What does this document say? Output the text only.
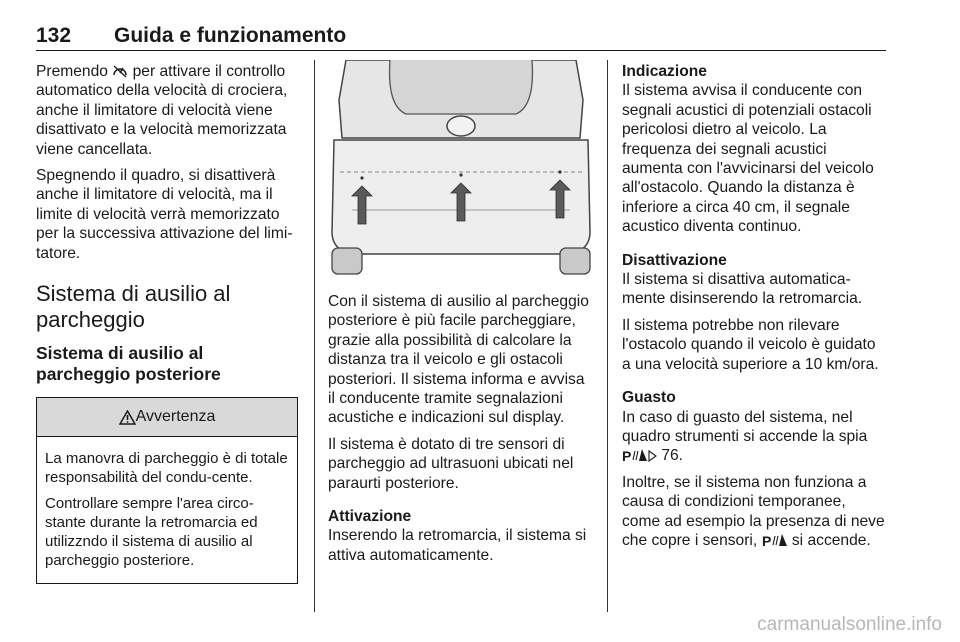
132 Guida e funzionamento

Premendo  per attivare il controllo automatico della velocità di crociera, anche il limitatore di velocità viene disattivato e la velocità memorizzata viene cancellata.

Spegnendo il quadro, si disattiverà anche il limitatore di velocità, ma il limite di velocità verrà memorizzato per la successiva attivazione del limi-tatore.

Sistema di ausilio al parcheggio
Sistema di ausilio al parcheggio posteriore
Avvertenza

La manovra di parcheggio è di totale responsabilità del condu-cente.

Controllare sempre l'area circo-stante durante la retromarcia ed utilizzndo il sistema di ausilio al parcheggio posteriore.

Con il sistema di ausilio al parcheggio posteriore è più facile parcheggiare, grazie alla possibilità di calcolare la distanza tra il veicolo e gli ostacoli posteriori. Il sistema informa e avvisa il conducente tramite segnalazioni acustiche e indicazioni sul display.

Il sistema è dotato di tre sensori di parcheggio ad ultrasuoni ubicati nel paraurti posteriore.

Attivazione
Inserendo la retromarcia, il sistema si attiva automaticamente.

Indicazione
Il sistema avvisa il conducente con segnali acustici di potenziali ostacoli pericolosi dietro al veicolo. La frequenza dei segnali acustici aumenta con l'avvicinarsi del veicolo all'ostacolo. Quando la distanza è inferiore a circa 40 cm, il segnale acustico diventa continuo.

Disattivazione
Il sistema si disattiva automatica-mente disinserendo la retromarcia.

Il sistema potrebbe non rilevare l'ostacolo quando il veicolo è guidato a una velocità superiore a 10 km/ora.

Guasto
In caso di guasto del sistema, nel quadro strumenti si accende la spia

P 76.

Inoltre, se il sistema non funziona a causa di condizioni temporanee, come ad esempio la presenza di neve che copre i sensori, P si accende.

carmanualsonline.info
